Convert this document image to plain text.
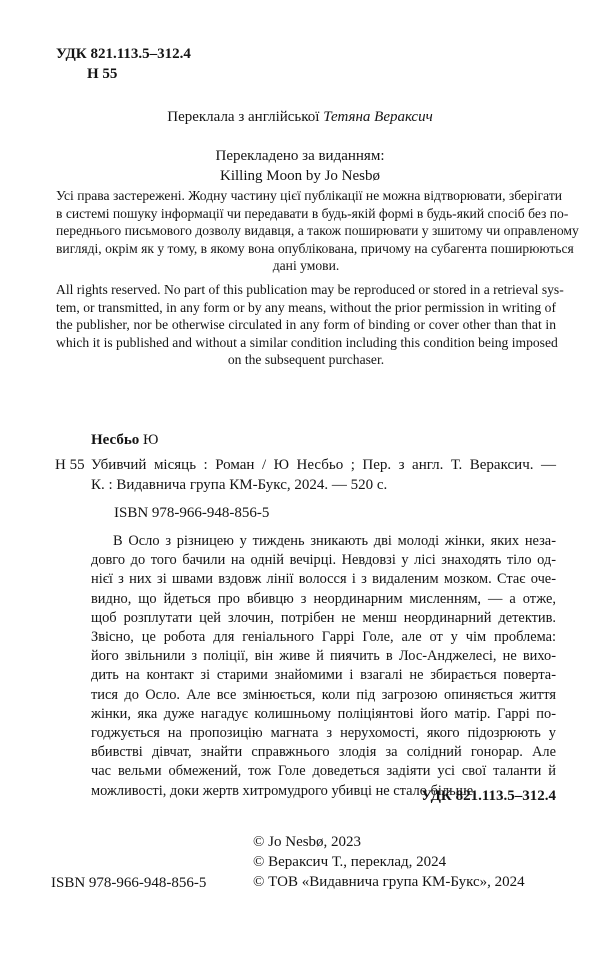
УДК 821.113.5–312.4
Н 55
Переклала з англійської Тетяна Вераксич
Перекладено за виданням:
Killing Moon by Jo Nesbø
Усі права застережені. Жодну частину цієї публікації не можна відтворювати, зберігати
в системі пошуку інформації чи передавати в будь-якій формі в будь-який спосіб без по-
переднього письмового дозволу видавця, а також поширювати у зшитому чи оправленому
вигляді, окрім як у тому, в якому вона опублікована, причому на субагента поширюються
дані умови.
All rights reserved. No part of this publication may be reproduced or stored in a retrieval sys-
tem, or transmitted, in any form or by any means, without the prior permission in writing of
the publisher, nor be otherwise circulated in any form of binding or cover other than that in
which it is published and without a similar condition including this condition being imposed
on the subsequent purchaser.
Несбьо Ю
Н 55 Убивчий місяць : Роман / Ю Несбьо ; Пер. з англ. Т. Вераксич. —
К. : Видавнича група КМ-Букс, 2024. — 520 с.
ISBN 978-966-948-856-5
В Осло з різницею у тиждень зникають дві молоді жінки, яких неза-
довго до того бачили на одній вечірці. Невдовзі у лісі знаходять тіло од-
нієї з них зі швами вздовж лінії волосся і з видаленим мозком. Стає оче-
видно, що йдеться про вбивцю з неординарним мисленням, — а отже,
щоб розплутати цей злочин, потрібен не менш неординарний детектив.
Звісно, це робота для геніального Гаррі Голе, але от у чім проблема:
його звільнили з поліції, він живе й пиячить в Лос-Анджелесі, не вихо-
дить на контакт зі старими знайомими і взагалі не збирається поверта-
тися до Осло. Але все змінюється, коли під загрозою опиняється життя
жінки, яка дуже нагадує колишньому поліціянтові його матір. Гаррі по-
годжується на пропозицію магната з нерухомості, якого підозрюють у
вбивстві дівчат, знайти справжнього злодія за солідний гонорар. Але
час вельми обмежений, тож Голе доведеться задіяти усі свої таланти й
можливості, доки жертв хитромудрого убивці не стало більше.
УДК 821.113.5–312.4
© Jo Nesbø, 2023
© Вераксич Т., переклад, 2024
© ТОВ «Видавнича група КМ-Букс», 2024
ISBN 978-966-948-856-5
